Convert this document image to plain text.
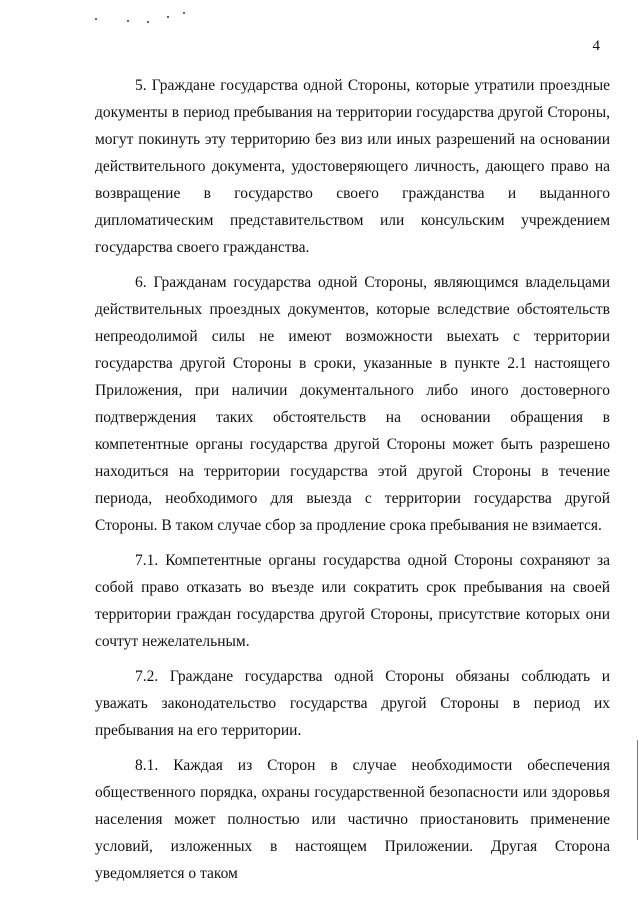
4

5. Граждане государства одной Стороны, которые утратили проездные документы в период пребывания на территории государства другой Стороны, могут покинуть эту территорию без виз или иных разрешений на основании действительного документа, удостоверяющего личность, дающего право на возвращение в государство своего гражданства и выданного дипломатическим представительством или консульским учреждением государства своего гражданства.

6. Гражданам государства одной Стороны, являющимся владельцами действительных проездных документов, которые вследствие обстоятельств непреодолимой силы не имеют возможности выехать с территории государства другой Стороны в сроки, указанные в пункте 2.1 настоящего Приложения, при наличии документального либо иного достоверного подтверждения таких обстоятельств на основании обращения в компетентные органы государства другой Стороны может быть разрешено находиться на территории государства этой другой Стороны в течение периода, необходимого для выезда с территории государства другой Стороны. В таком случае сбор за продление срока пребывания не взимается.

7.1. Компетентные органы государства одной Стороны сохраняют за собой право отказать во въезде или сократить срок пребывания на своей территории граждан государства другой Стороны, присутствие которых они сочтут нежелательным.

7.2. Граждане государства одной Стороны обязаны соблюдать и уважать законодательство государства другой Стороны в период их пребывания на его территории.

8.1. Каждая из Сторон в случае необходимости обеспечения общественного порядка, охраны государственной безопасности или здоровья населения может полностью или частично приостановить применение условий, изложенных в настоящем Приложении. Другая Сторона уведомляется о таком
